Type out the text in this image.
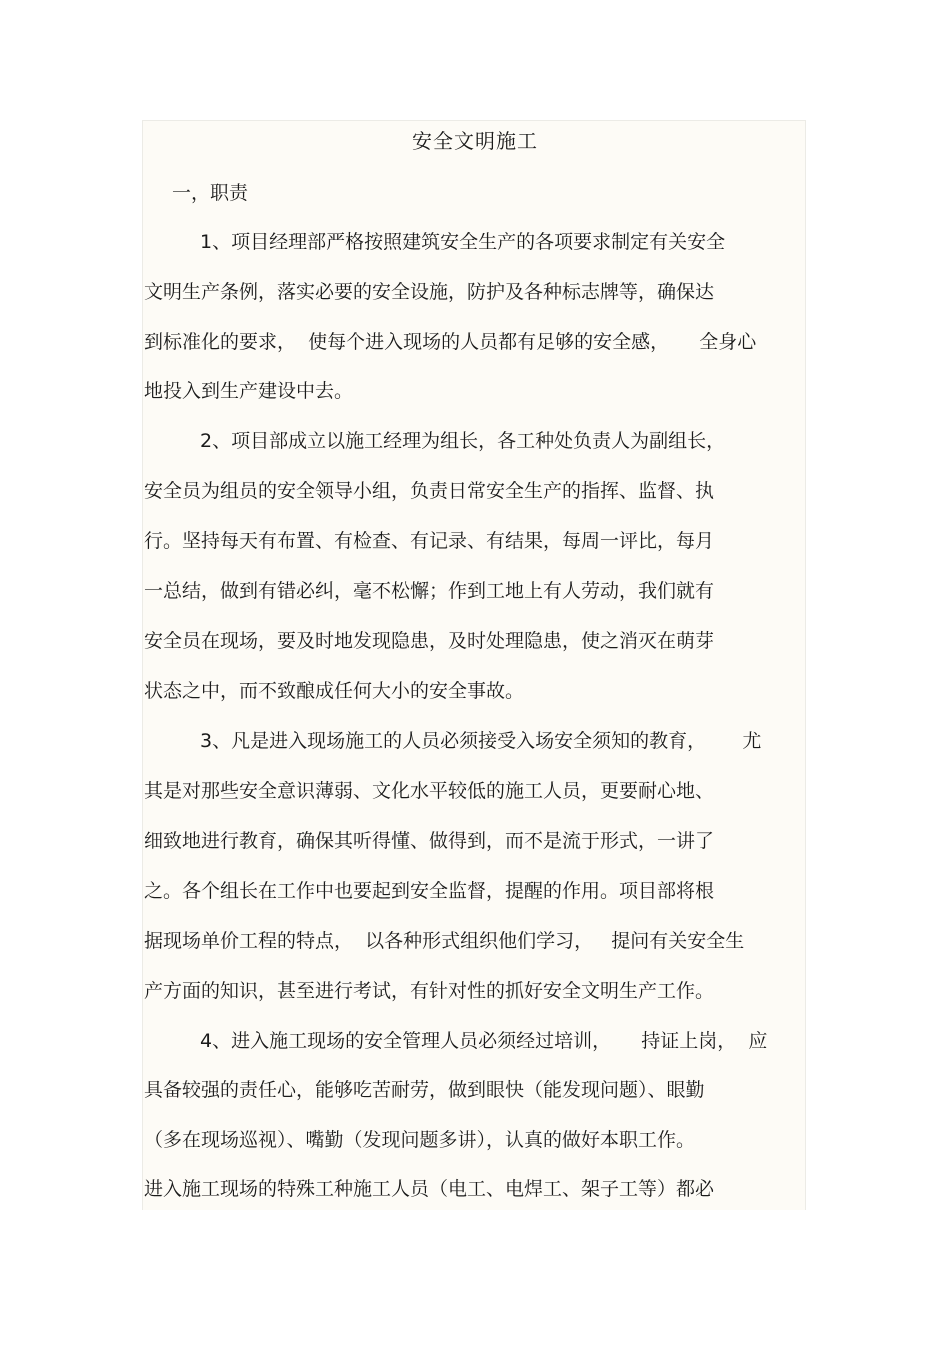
安全文明施工

一，职责

1、项目经理部严格按照建筑安全生产的各项要求制定有关安全

文明生产条例，落实必要的安全设施，防护及各种标志牌等，确保达

到标准化的要求，  使每个进入现场的人员都有足够的安全感，     全身心

地投入到生产建设中去。

2、项目部成立以施工经理为组长，各工种处负责人为副组长，

安全员为组员的安全领导小组，负责日常安全生产的指挥、监督、执

行。坚持每天有布置、有检查、有记录、有结果，每周一评比，每月

一总结，做到有错必纠，毫不松懈；作到工地上有人劳动，我们就有

安全员在现场，要及时地发现隐患，及时处理隐患，使之消灭在萌芽

状态之中，而不致酿成任何大小的安全事故。

3、凡是进入现场施工的人员必须接受入场安全须知的教育，      尤

其是对那些安全意识薄弱、文化水平较低的施工人员，更要耐心地、

细致地进行教育，确保其听得懂、做得到，而不是流于形式，一讲了

之。各个组长在工作中也要起到安全监督，提醒的作用。项目部将根

据现场单价工程的特点，  以各种形式组织他们学习，   提问有关安全生

产方面的知识，甚至进行考试，有针对性的抓好安全文明生产工作。

4、进入施工现场的安全管理人员必须经过培训，     持证上岗，  应

具备较强的责任心，能够吃苦耐劳，做到眼快（能发现问题）、眼勤

（多在现场巡视）、嘴勤（发现问题多讲），认真的做好本职工作。

进入施工现场的特殊工种施工人员（电工、电焊工、架子工等）都必
